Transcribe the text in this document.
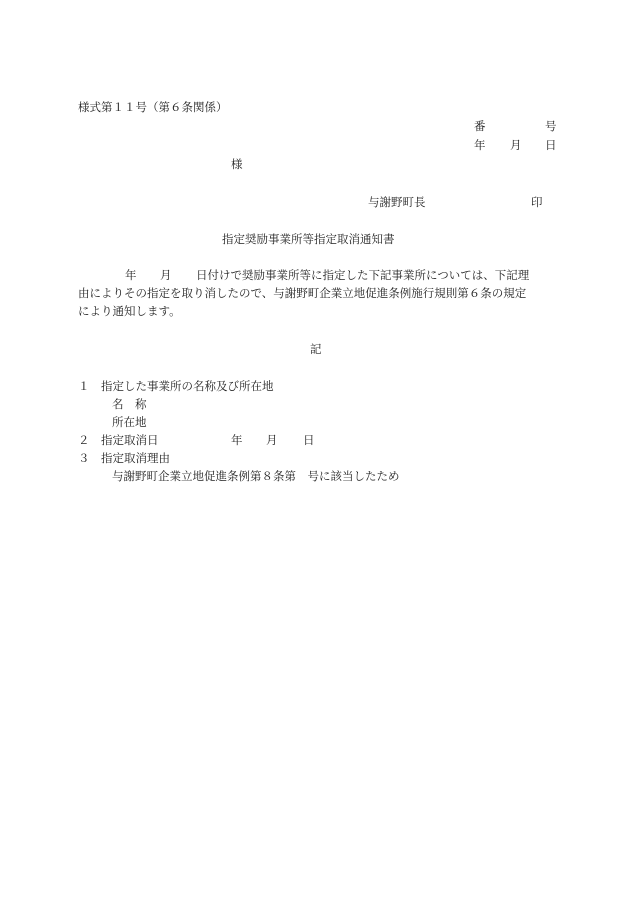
様式第１１号（第６条関係）

番	号

年 月 日

様

与謝野町長	印

指定奨励事業所等指定取消通知書

年 月 日付けで奨励事業所等に指定した下記事業所については、下記理

由によりその指定を取り消したので、与謝野町企業立地促進条例施行規則第６条の規定

により通知します。

記

１ 指定した事業所の名称及び所在地

名　称

所在地

２ 指定取消日	年 月 日

３ 指定取消理由

与謝野町企業立地促進条例第８条第　号に該当したため
